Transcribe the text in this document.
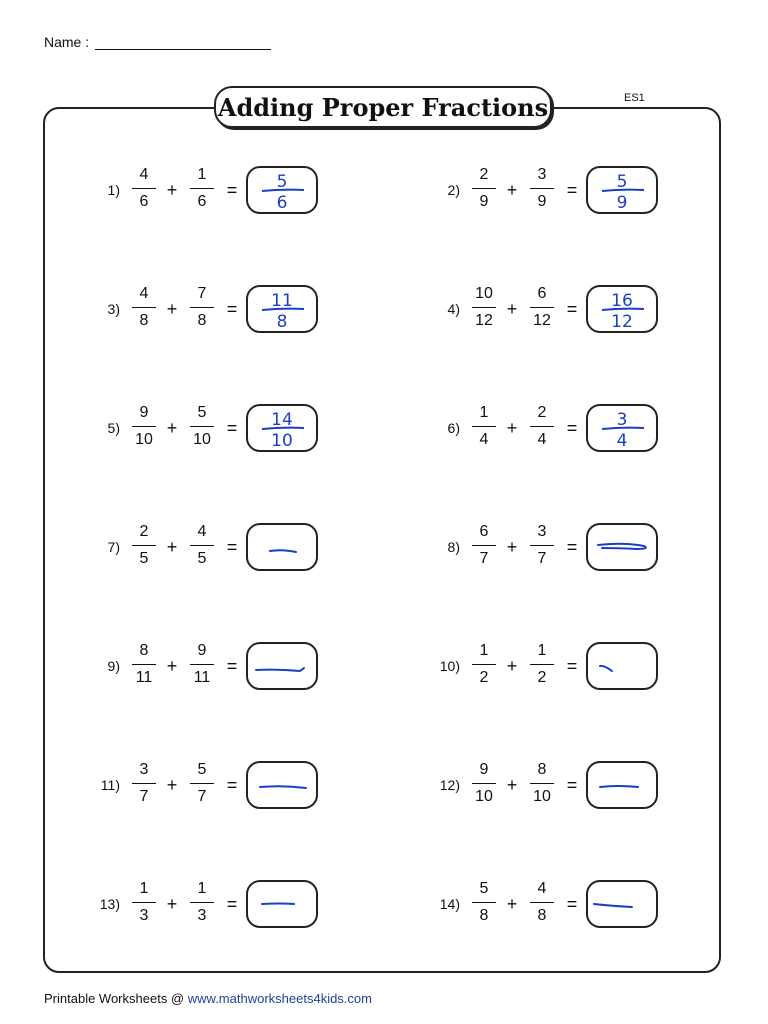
Name :
ES1
Adding Proper Fractions
1)
4
6
+
1
6
= 5
6
2)
2
9
+
3
9
= 5
9
3)
4
8
+
7
8
= 11
8
4)
10
12
+
6
12
= 16
12
5)
9
10
+
5
10
= 14
10
6)
1
4
+
2
4
= 3
4
7)
2
5
+
4
5
=	8)
6
7
+
3
7
=
9)
8
11
+
9
11
=	10)
1
2
+
1
2
=
11)
3
7
+
5
7
=	12)
9
10
+
8
10
=
13)
1
3
+
1
3
=	14)
5
8
+
4
8
=
Printable Worksheets @ www.mathworksheets4kids.com
